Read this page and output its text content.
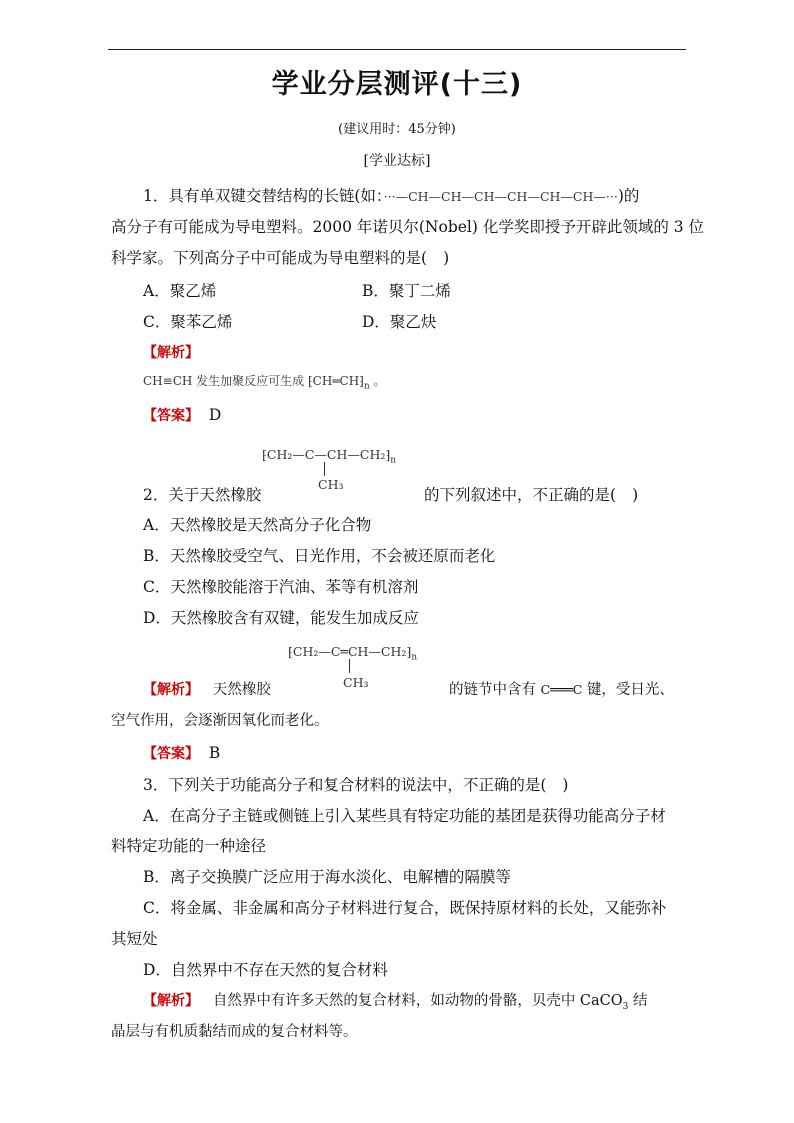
学业分层测评(十三)
(建议用时：45分钟)
[学业达标]
1．具有单双键交替结构的长链(如：···—CH—CH—CH—CH—CH—CH—···)的
高分子有可能成为导电塑料。2000 年诺贝尔(Nobel) 化学奖即授予开辟此领域的 3 位
科学家。下列高分子中可能成为导电塑料的是( )
A．聚乙烯	B．聚丁二烯
C．聚苯乙烯	D．聚乙炔
【解析】
CH≡CH 发生加聚反应可生成 $⁅CH═CH⁆_n$ 。
【答案】 D
$⁅CH_2—C—CH—CH_2⁆_n$
CH₃
2．关于天然橡胶	的下列叙述中，不正确的是( )
A．天然橡胶是天然高分子化合物
B．天然橡胶受空气、日光作用，不会被还原而老化
C．天然橡胶能溶于汽油、苯等有机溶剂
D．天然橡胶含有双键，能发生加成反应
$⁅CH_2—C═CH—CH_2⁆_n$
CH₃
【解析】 天然橡胶	的链节中含有 C═══C 键，受日光、
空气作用，会逐渐因氧化而老化。
【答案】 B
3．下列关于功能高分子和复合材料的说法中，不正确的是( )
A．在高分子主链或侧链上引入某些具有特定功能的基团是获得功能高分子材
料特定功能的一种途径
B．离子交换膜广泛应用于海水淡化、电解槽的隔膜等
C．将金属、非金属和高分子材料进行复合，既保持原材料的长处，又能弥补
其短处
D．自然界中不存在天然的复合材料
【解析】 自然界中有许多天然的复合材料，如动物的骨骼，贝壳中 CaCO$_3$ 结
晶层与有机质黏结而成的复合材料等。
